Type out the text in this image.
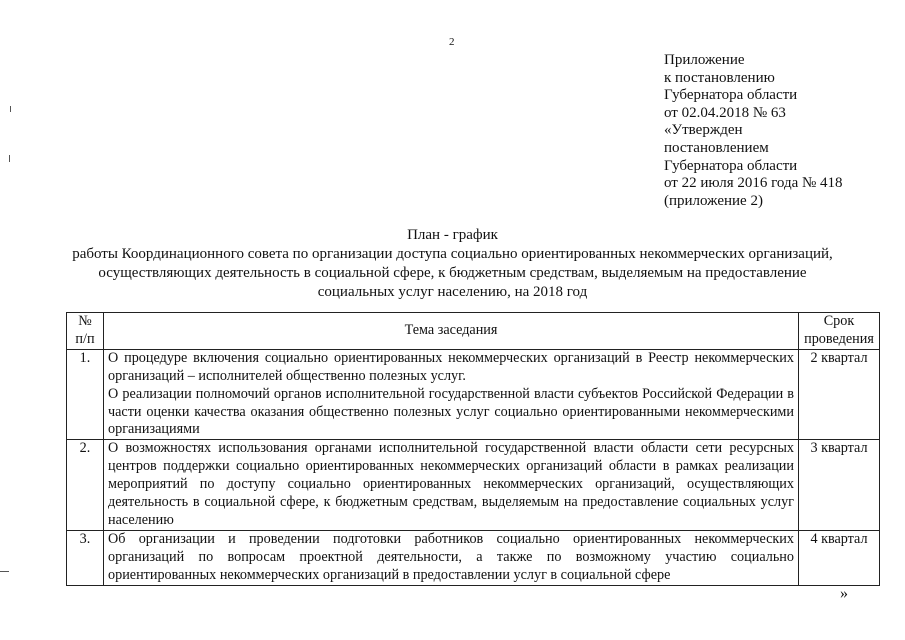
2
Приложение
к постановлению
Губернатора области
от 02.04.2018 № 63
«Утвержден
постановлением
Губернатора области
от 22 июля 2016 года № 418
(приложение 2)
План - график
работы Координационного совета по организации доступа социально ориентированных некоммерческих организаций,
осуществляющих деятельность в социальной сфере, к бюджетным средствам, выделяемым на предоставление
социальных услуг населению, на 2018 год
№ п/п	Тема заседания	Срок проведения
1.	О процедуре включения социально ориентированных некоммерческих организаций в Реестр некоммерческих организаций – исполнителей общественно полезных услуг.

О реализации полномочий органов исполнительной государственной власти субъектов Российской Федерации в части оценки качества оказания общественно полезных услуг социально ориентированными некоммерческими организациями	2 квартал
2.	О возможностях использования органами исполнительной государственной власти области сети ресурсных центров поддержки социально ориентированных некоммерческих организаций области в рамках реализации мероприятий по доступу социально ориентированных некоммерческих организаций, осуществляющих деятельность в социальной сфере, к бюджетным средствам, выделяемым на предоставление социальных услуг населению	3 квартал
3.	Об организации и проведении подготовки работников социально ориентированных некоммерческих организаций по вопросам проектной деятельности, а также по возможному участию социально ориентированных некоммерческих организаций в предоставлении услуг в социальной сфере	4 квартал
»
